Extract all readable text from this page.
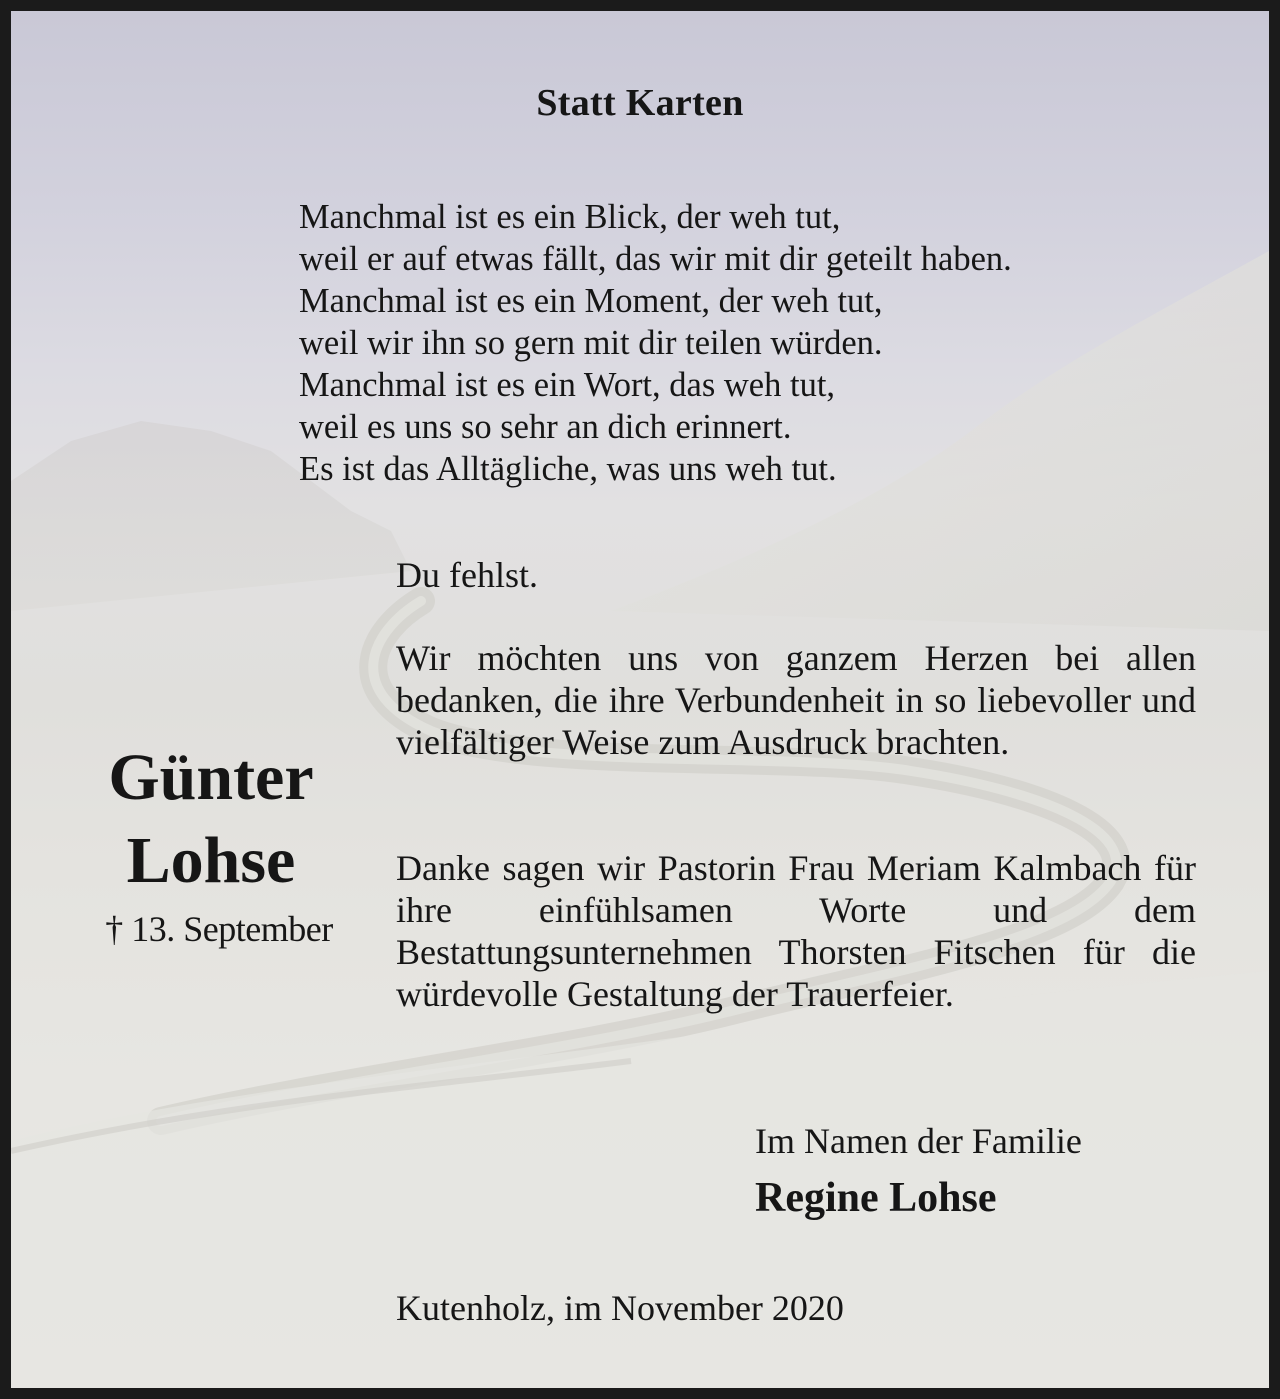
Statt Karten
Manchmal ist es ein Blick, der weh tut,
weil er auf etwas fällt, das wir mit dir geteilt haben.
Manchmal ist es ein Moment, der weh tut,
weil wir ihn so gern mit dir teilen würden.
Manchmal ist es ein Wort, das weh tut,
weil es uns so sehr an dich erinnert.
Es ist das Alltägliche, was uns weh tut.
Günter
Lohse
† 13. September
Du fehlst.
Wir möchten uns von ganzem Herzen bei allen bedanken, die ihre Verbundenheit in so liebevoller und vielfältiger Weise zum Ausdruck brachten.
Danke sagen wir Pastorin Frau Meriam Kalmbach für ihre einfühlsamen Worte und dem Bestattungsunternehmen Thorsten Fitschen für die würdevolle Gestaltung der Trauerfeier.
Im Namen der Familie
Regine Lohse
Kutenholz, im November 2020
